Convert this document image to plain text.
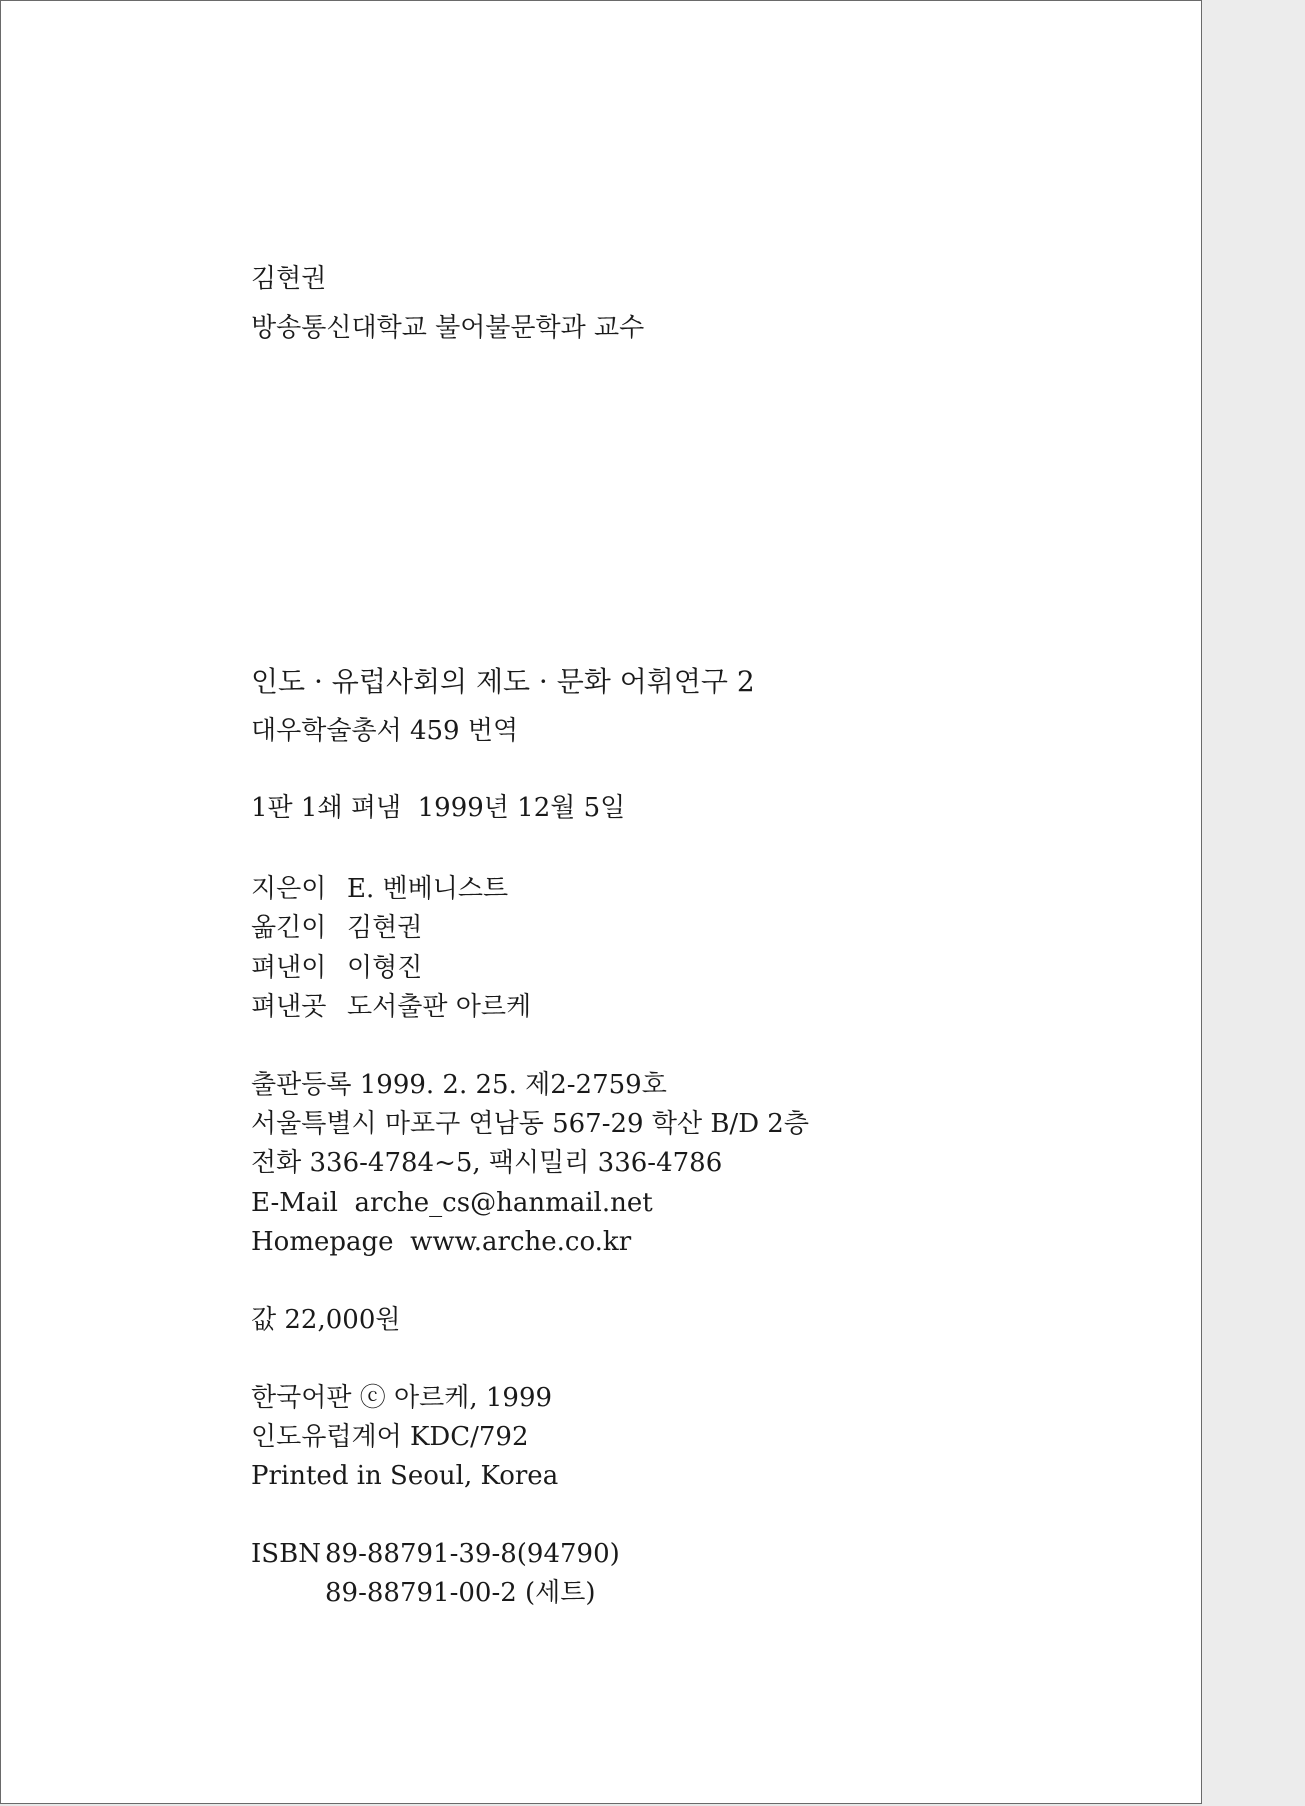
김현권
방송통신대학교 불어불문학과 교수
인도 · 유럽사회의 제도 · 문화 어휘연구 2
대우학술총서 459 번역
1판 1쇄 펴냄  1999년 12월 5일
지은이 E. 벤베니스트
옮긴이 김현권
펴낸이 이형진
펴낸곳 도서출판 아르케
출판등록 1999. 2. 25. 제2-2759호
서울특별시 마포구 연남동 567-29 학산 B/D 2층
전화 336-4784~5, 팩시밀리 336-4786
E-Mail arche_cs@hanmail.net
Homepage www.arche.co.kr
값 22,000원
한국어판 ⓒ 아르케, 1999
인도유럽계어 KDC/792
Printed in Seoul, Korea
ISBN 89-88791-39-8(94790)
89-88791-00-2 (세트)
